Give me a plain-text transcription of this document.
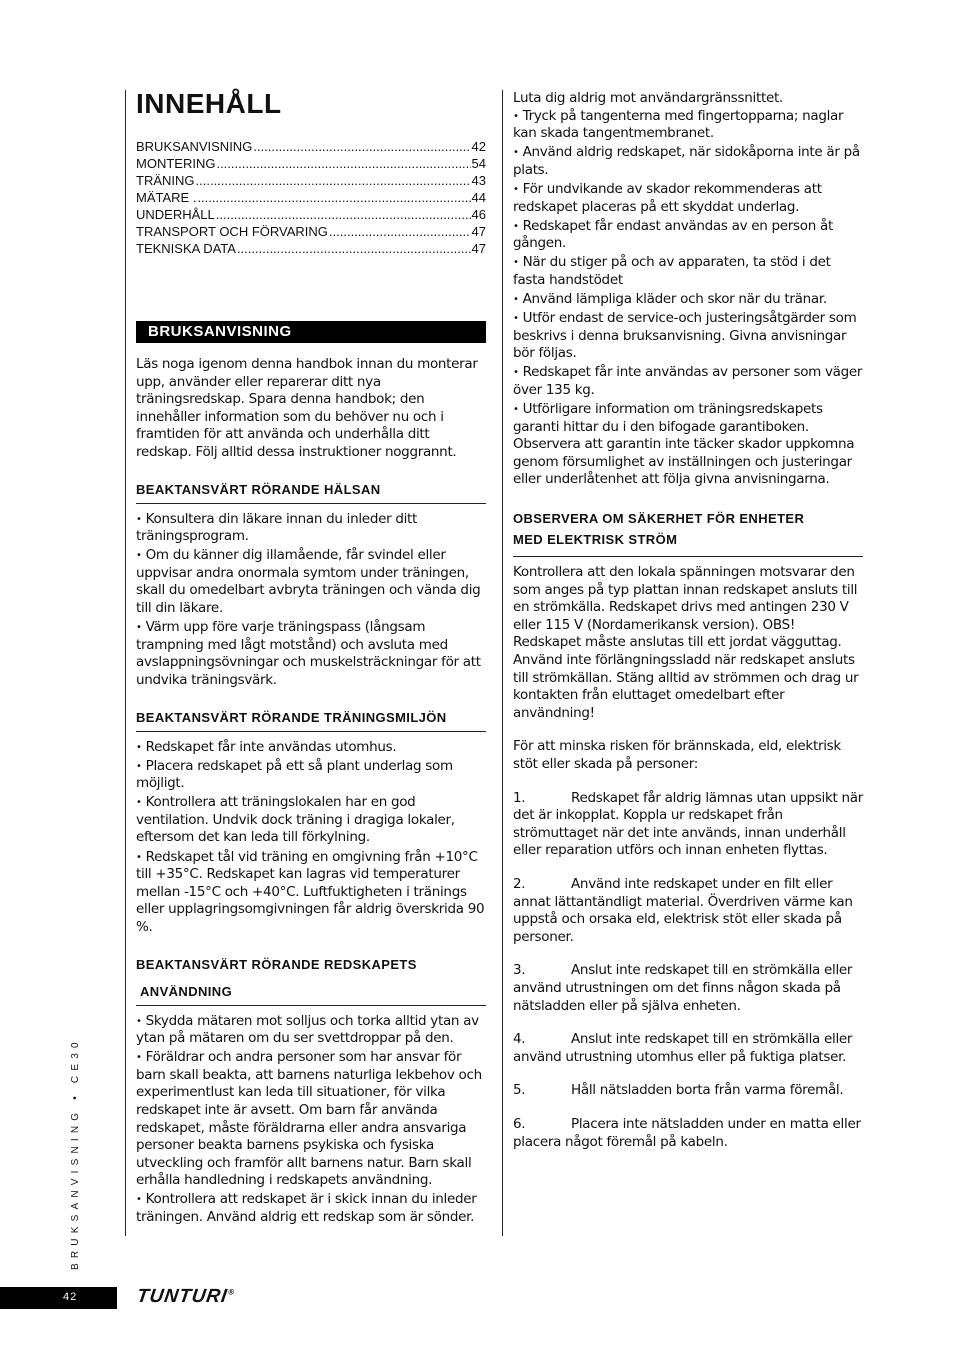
INNEHÅLL
BRUKSANVISNING .....	42
MONTERING .....	54
TRÄNING .....	43
MÄTARE . .....	44
UNDERHÅLL .....	46
TRANSPORT OCH FÖRVARING .....	47
TEKNISKA DATA .....	47
BRUKSANVISNING

Läs noga igenom denna handbok innan du monterar upp, använder eller reparerar ditt nya träningsredskap. Spara denna handbok; den innehåller information som du behöver nu och i framtiden för att använda och underhålla ditt redskap. Följ alltid dessa instruktioner noggrannt.

BEAKTANSVÄRT RÖRANDE HÄLSAN
• Konsultera din läkare innan du inleder ditt träningsprogram.
• Om du känner dig illamående, får svindel eller uppvisar andra onormala symtom under träningen, skall du omedelbart avbryta träningen och vända dig till din läkare.
• Värm upp före varje träningspass (långsam trampning med lågt motstånd) och avsluta med avslappningsövningar och muskelsträckningar för att undvika träningsvärk.
BEAKTANSVÄRT RÖRANDE TRÄNINGSMILJÖN
• Redskapet får inte användas utomhus.
• Placera redskapet på ett så plant underlag som möjligt.
• Kontrollera att träningslokalen har en god ventilation. Undvik dock träning i dragiga lokaler, eftersom det kan leda till förkylning.
• Redskapet tål vid träning en omgivning från +10°C till +35°C. Redskapet kan lagras vid temperaturer mellan -15°C och +40°C. Luftfuktigheten i tränings eller upplagringsomgivningen får aldrig överskrida 90 %.
BEAKTANSVÄRT RÖRANDE REDSKAPETS
ANVÄNDNING
• Skydda mätaren mot solljus och torka alltid ytan av ytan på mätaren om du ser svettdroppar på den.
• Föräldrar och andra personer som har ansvar för barn skall beakta, att barnens naturliga lekbehov och experimentlust kan leda till situationer, för vilka redskapet inte är avsett. Om barn får använda redskapet, måste föräldrarna eller andra ansvariga personer beakta barnens psykiska och fysiska utveckling och framför allt barnens natur. Barn skall erhålla handledning i redskapets användning.
• Kontrollera att redskapet är i skick innan du inleder träningen. Använd aldrig ett redskap som är sönder.

Luta dig aldrig mot användargränssnittet.

• Tryck på tangenterna med fingertopparna; naglar kan skada tangentmembranet.
• Använd aldrig redskapet, när sidokåporna inte är på plats.
• För undvikande av skador rekommenderas att redskapet placeras på ett skyddat underlag.
• Redskapet får endast användas av en person åt gången.
• När du stiger på och av apparaten, ta stöd i det fasta handstödet
• Använd lämpliga kläder och skor när du tränar.
• Utför endast de service-och justeringsåtgärder som beskrivs i denna bruksanvisning. Givna anvisningar bör följas.
• Redskapet får inte användas av personer som väger över 135 kg.
• Utförligare information om träningsredskapets garanti hittar du i den bifogade garantiboken. Observera att garantin inte täcker skador uppkomna genom försumlighet av inställningen och justeringar eller underlåtenhet att följa givna anvisningarna.
OBSERVERA OM SÄKERHET FÖR ENHETER
MED ELEKTRISK STRÖM

Kontrollera att den lokala spänningen motsvarar den som anges på typ plattan innan redskapet ansluts till en strömkälla. Redskapet drivs med antingen 230 V eller 115 V (Nordamerikansk version). OBS! Redskapet måste anslutas till ett jordat vägguttag. Använd inte förlängningssladd när redskapet ansluts till strömkällan. Stäng alltid av strömmen och drag ur kontakten från eluttaget omedelbart efter användning!

För att minska risken för brännskada, eld, elektrisk stöt eller skada på personer:

1.	Redskapet får aldrig lämnas utan uppsikt när det är inkopplat. Koppla ur redskapet från strömuttaget när det inte används, innan underhåll eller reparation utförs och innan enheten flyttas.
2.	Använd inte redskapet under en filt eller annat lättantändligt material. Överdriven värme kan uppstå och orsaka eld, elektrisk stöt eller skada på personer.
3.	Anslut inte redskapet till en strömkälla eller använd utrustningen om det finns någon skada på nätsladden eller på själva enheten.
4.	Anslut inte redskapet till en strömkälla eller använd utrustning utomhus eller på fuktiga platser.
5.	Håll nätsladden borta från varma föremål.
6.	Placera inte nätsladden under en matta eller placera något föremål på kabeln.
BRUKSANVISNING • CE30
42	TUNTURI®
